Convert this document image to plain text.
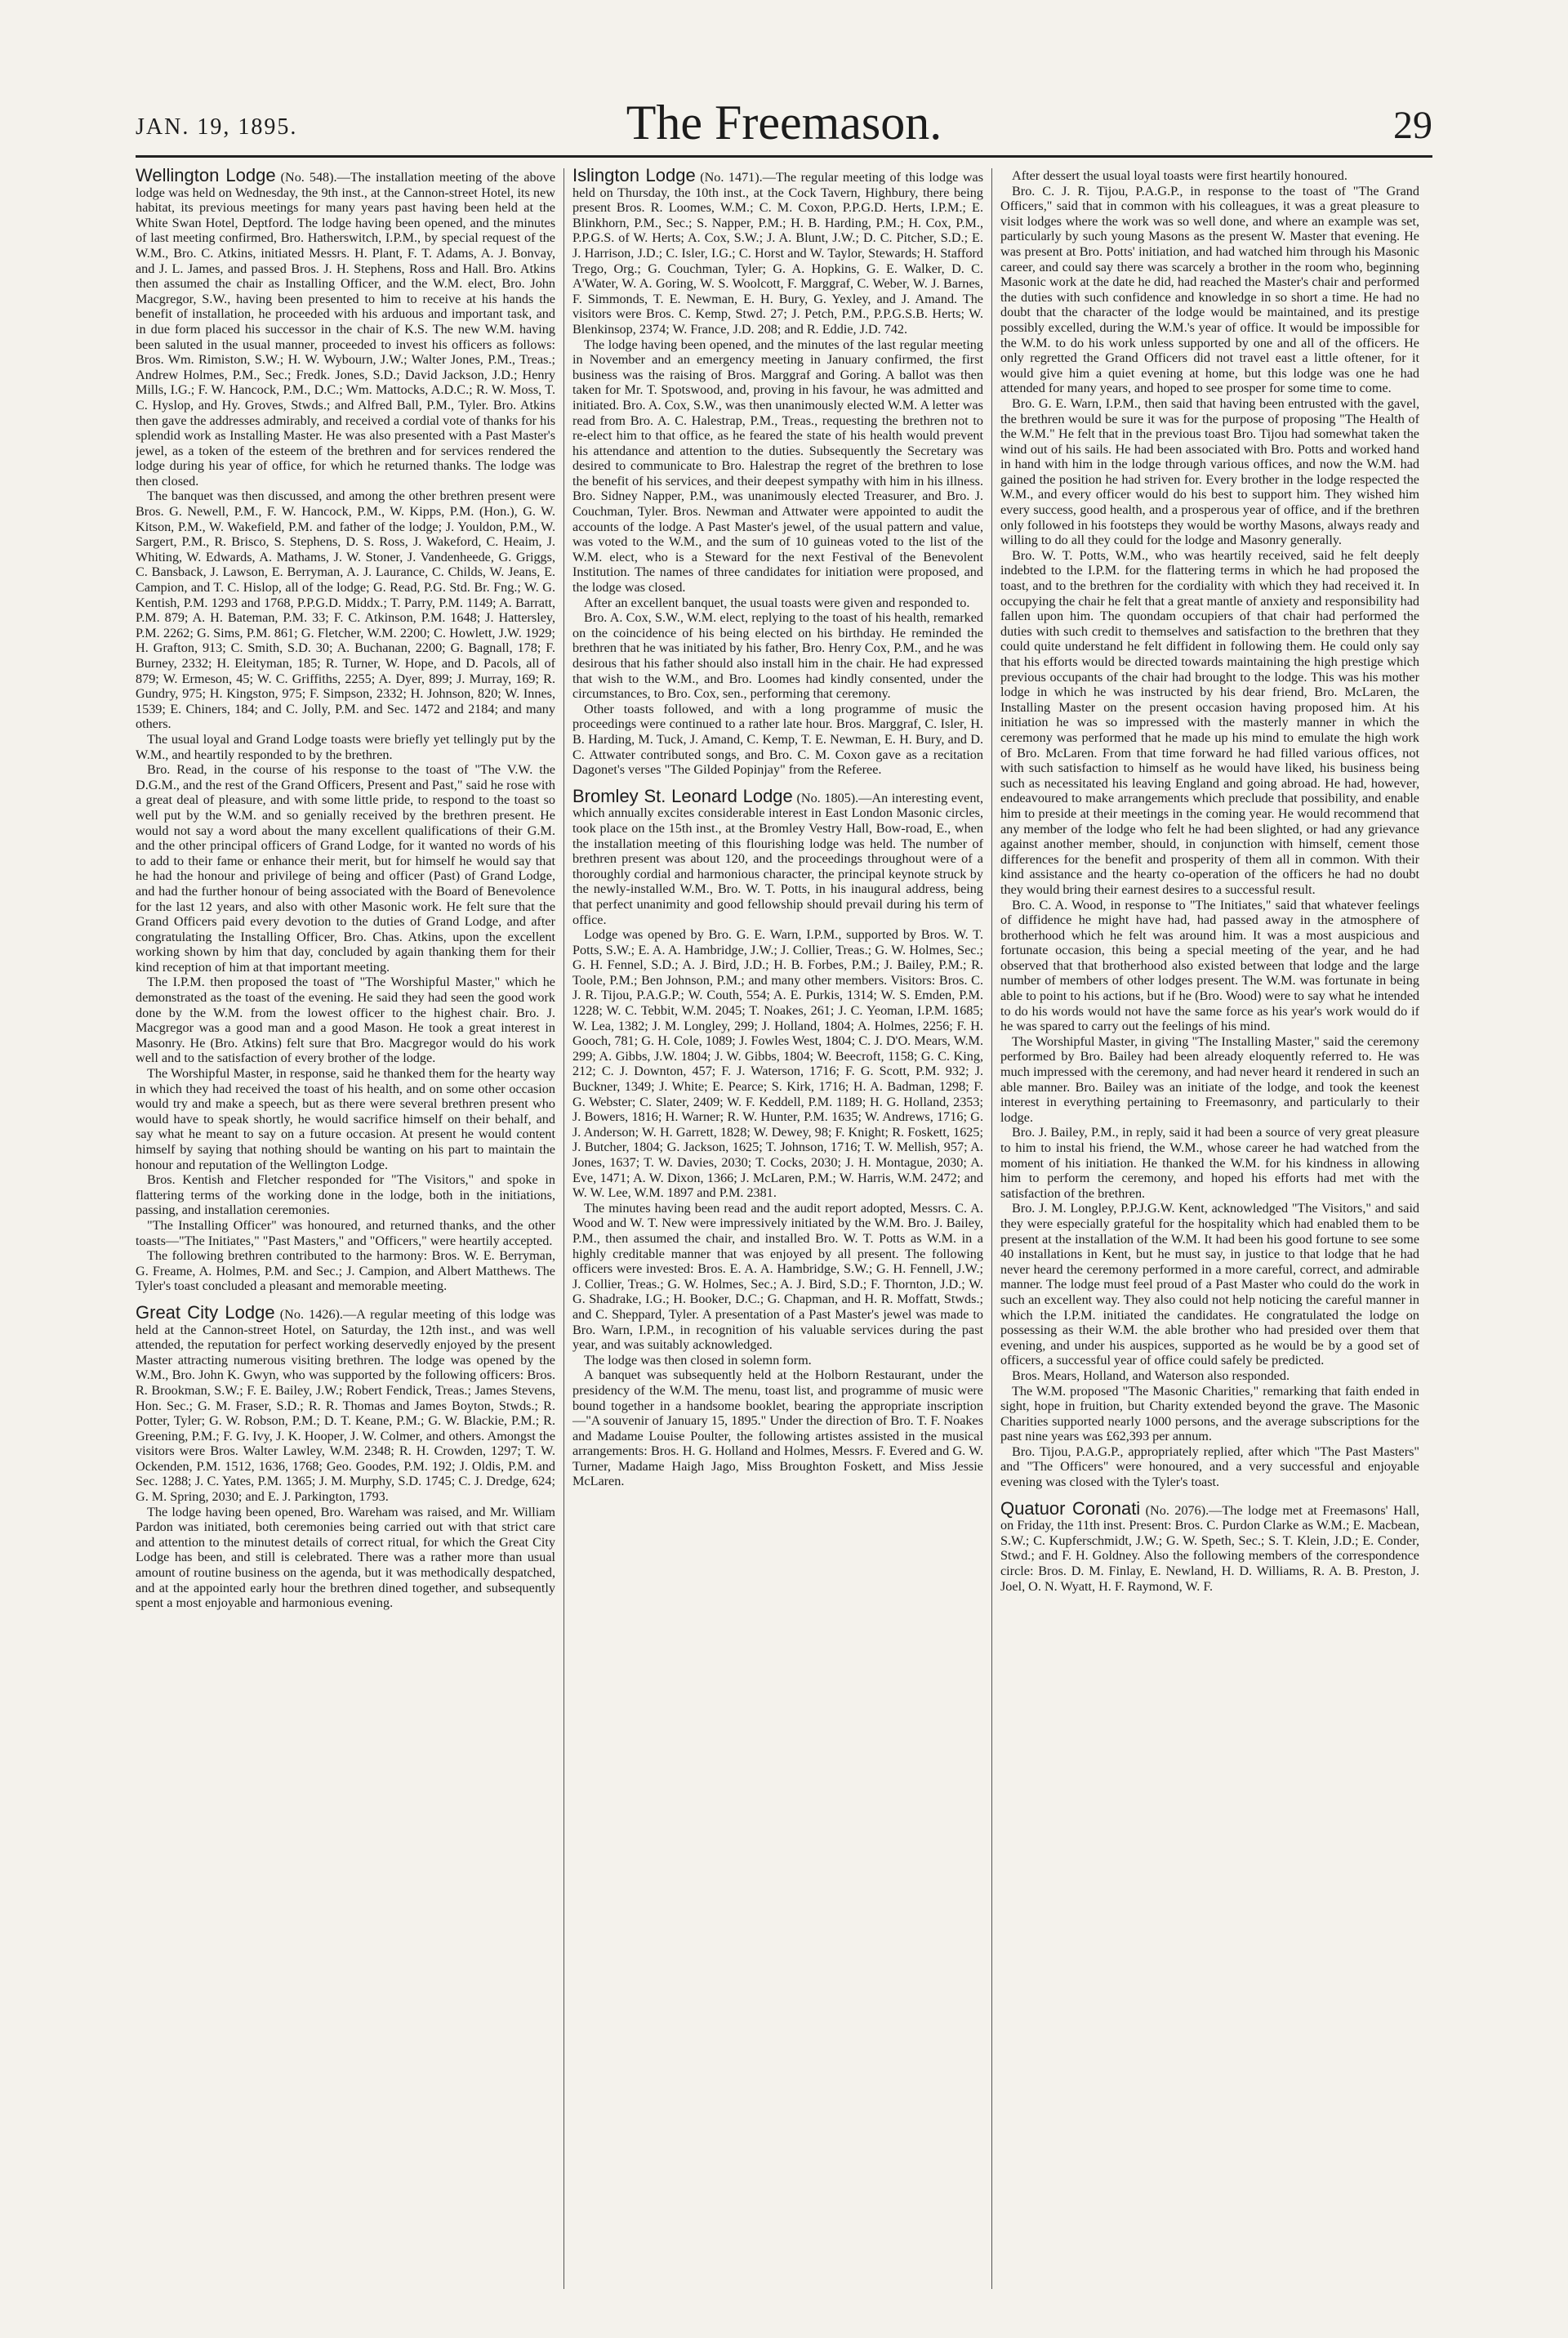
JAN. 19, 1895.	The Freemason.	29

Wellington Lodge (No. 548).—The installation meeting of the above lodge was held on Wednesday, the 9th inst., at the Cannon-street Hotel, its new habitat, its previous meetings for many years past having been held at the White Swan Hotel, Deptford. The lodge having been opened, and the minutes of last meeting confirmed, Bro. Hatherswitch, I.P.M., by special request of the W.M., Bro. C. Atkins, initiated Messrs. H. Plant, F. T. Adams, A. J. Bonvay, and J. L. James, and passed Bros. J. H. Stephens, Ross and Hall. Bro. Atkins then assumed the chair as Installing Officer, and the W.M. elect, Bro. John Macgregor, S.W., having been presented to him to receive at his hands the benefit of installation, he proceeded with his arduous and important task, and in due form placed his successor in the chair of K.S. The new W.M. having been saluted in the usual manner, proceeded to invest his officers as follows: Bros. Wm. Rimiston, S.W.; H. W. Wybourn, J.W.; Walter Jones, P.M., Treas.; Andrew Holmes, P.M., Sec.; Fredk. Jones, S.D.; David Jackson, J.D.; Henry Mills, I.G.; F. W. Hancock, P.M., D.C.; Wm. Mattocks, A.D.C.; R. W. Moss, T. C. Hyslop, and Hy. Groves, Stwds.; and Alfred Ball, P.M., Tyler. Bro. Atkins then gave the addresses admirably, and received a cordial vote of thanks for his splendid work as Installing Master. He was also presented with a Past Master's jewel, as a token of the esteem of the brethren and for services rendered the lodge during his year of office, for which he returned thanks. The lodge was then closed.

The banquet was then discussed, and among the other brethren present were Bros. G. Newell, P.M., F. W. Hancock, P.M., W. Kipps, P.M. (Hon.), G. W. Kitson, P.M., W. Wakefield, P.M. and father of the lodge; J. Youldon, P.M., W. Sargert, P.M., R. Brisco, S. Stephens, D. S. Ross, J. Wakeford, C. Heaim, J. Whiting, W. Edwards, A. Mathams, J. W. Stoner, J. Vandenheede, G. Griggs, C. Bansback, J. Lawson, E. Berryman, A. J. Laurance, C. Childs, W. Jeans, E. Campion, and T. C. Hislop, all of the lodge; G. Read, P.G. Std. Br. Fng.; W. G. Kentish, P.M. 1293 and 1768, P.P.G.D. Middx.; T. Parry, P.M. 1149; A. Barratt, P.M. 879; A. H. Bateman, P.M. 33; F. C. Atkinson, P.M. 1648; J. Hattersley, P.M. 2262; G. Sims, P.M. 861; G. Fletcher, W.M. 2200; C. Howlett, J.W. 1929; H. Grafton, 913; C. Smith, S.D. 30; A. Buchanan, 2200; G. Bagnall, 178; F. Burney, 2332; H. Eleityman, 185; R. Turner, W. Hope, and D. Pacols, all of 879; W. Ermeson, 45; W. C. Griffiths, 2255; A. Dyer, 899; J. Murray, 169; R. Gundry, 975; H. Kingston, 975; F. Simpson, 2332; H. Johnson, 820; W. Innes, 1539; E. Chiners, 184; and C. Jolly, P.M. and Sec. 1472 and 2184; and many others.

The usual loyal and Grand Lodge toasts were briefly yet tellingly put by the W.M., and heartily responded to by the brethren.

Bro. Read, in the course of his response to the toast of "The V.W. the D.G.M., and the rest of the Grand Officers, Present and Past," said he rose with a great deal of pleasure, and with some little pride, to respond to the toast so well put by the W.M. and so genially received by the brethren present. He would not say a word about the many excellent qualifications of their G.M. and the other principal officers of Grand Lodge, for it wanted no words of his to add to their fame or enhance their merit, but for himself he would say that he had the honour and privilege of being and officer (Past) of Grand Lodge, and had the further honour of being associated with the Board of Benevolence for the last 12 years, and also with other Masonic work. He felt sure that the Grand Officers paid every devotion to the duties of Grand Lodge, and after congratulating the Installing Officer, Bro. Chas. Atkins, upon the excellent working shown by him that day, concluded by again thanking them for their kind reception of him at that important meeting.

The I.P.M. then proposed the toast of "The Worshipful Master," which he demonstrated as the toast of the evening. He said they had seen the good work done by the W.M. from the lowest officer to the highest chair. Bro. J. Macgregor was a good man and a good Mason. He took a great interest in Masonry. He (Bro. Atkins) felt sure that Bro. Macgregor would do his work well and to the satisfaction of every brother of the lodge.

The Worshipful Master, in response, said he thanked them for the hearty way in which they had received the toast of his health, and on some other occasion would try and make a speech, but as there were several brethren present who would have to speak shortly, he would sacrifice himself on their behalf, and say what he meant to say on a future occasion. At present he would content himself by saying that nothing should be wanting on his part to maintain the honour and reputation of the Wellington Lodge.

Bros. Kentish and Fletcher responded for "The Visitors," and spoke in flattering terms of the working done in the lodge, both in the initiations, passing, and installation ceremonies.

"The Installing Officer" was honoured, and returned thanks, and the other toasts—"The Initiates," "Past Masters," and "Officers," were heartily accepted.

The following brethren contributed to the harmony: Bros. W. E. Berryman, G. Freame, A. Holmes, P.M. and Sec.; J. Campion, and Albert Matthews. The Tyler's toast concluded a pleasant and memorable meeting.

Great City Lodge (No. 1426).—A regular meeting of this lodge was held at the Cannon-street Hotel, on Saturday, the 12th inst., and was well attended, the reputation for perfect working deservedly enjoyed by the present Master attracting numerous visiting brethren. The lodge was opened by the W.M., Bro. John K. Gwyn, who was supported by the following officers: Bros. R. Brookman, S.W.; F. E. Bailey, J.W.; Robert Fendick, Treas.; James Stevens, Hon. Sec.; G. M. Fraser, S.D.; R. R. Thomas and James Boyton, Stwds.; R. Potter, Tyler; G. W. Robson, P.M.; D. T. Keane, P.M.; G. W. Blackie, P.M.; R. Greening, P.M.; F. G. Ivy, J. K. Hooper, J. W. Colmer, and others. Amongst the visitors were Bros. Walter Lawley, W.M. 2348; R. H. Crowden, 1297; T. W. Ockenden, P.M. 1512, 1636, 1768; Geo. Goodes, P.M. 192; J. Oldis, P.M. and Sec. 1288; J. C. Yates, P.M. 1365; J. M. Murphy, S.D. 1745; C. J. Dredge, 624; G. M. Spring, 2030; and E. J. Parkington, 1793.

The lodge having been opened, Bro. Wareham was raised, and Mr. William Pardon was initiated, both ceremonies being carried out with that strict care and attention to the minutest details of correct ritual, for which the Great City Lodge has been, and still is celebrated. There was a rather more than usual amount of routine business on the agenda, but it was methodically despatched, and at the appointed early hour the brethren dined together, and subsequently spent a most enjoyable and harmonious evening.

Islington Lodge (No. 1471).—The regular meeting of this lodge was held on Thursday, the 10th inst., at the Cock Tavern, Highbury, there being present Bros. R. Loomes, W.M.; C. M. Coxon, P.P.G.D. Herts, I.P.M.; E. Blinkhorn, P.M., Sec.; S. Napper, P.M.; H. B. Harding, P.M.; H. Cox, P.M., P.P.G.S. of W. Herts; A. Cox, S.W.; J. A. Blunt, J.W.; D. C. Pitcher, S.D.; E. J. Harrison, J.D.; C. Isler, I.G.; C. Horst and W. Taylor, Stewards; H. Stafford Trego, Org.; G. Couchman, Tyler; G. A. Hopkins, G. E. Walker, D. C. A'Water, W. A. Goring, W. S. Woolcott, F. Marggraf, C. Weber, W. J. Barnes, F. Simmonds, T. E. Newman, E. H. Bury, G. Yexley, and J. Amand. The visitors were Bros. C. Kemp, Stwd. 27; J. Petch, P.M., P.P.G.S.B. Herts; W. Blenkinsop, 2374; W. France, J.D. 208; and R. Eddie, J.D. 742.

The lodge having been opened, and the minutes of the last regular meeting in November and an emergency meeting in January confirmed, the first business was the raising of Bros. Marggraf and Goring. A ballot was then taken for Mr. T. Spotswood, and, proving in his favour, he was admitted and initiated. Bro. A. Cox, S.W., was then unanimously elected W.M. A letter was read from Bro. A. C. Halestrap, P.M., Treas., requesting the brethren not to re-elect him to that office, as he feared the state of his health would prevent his attendance and attention to the duties. Subsequently the Secretary was desired to communicate to Bro. Halestrap the regret of the brethren to lose the benefit of his services, and their deepest sympathy with him in his illness. Bro. Sidney Napper, P.M., was unanimously elected Treasurer, and Bro. J. Couchman, Tyler. Bros. Newman and Attwater were appointed to audit the accounts of the lodge. A Past Master's jewel, of the usual pattern and value, was voted to the W.M., and the sum of 10 guineas voted to the list of the W.M. elect, who is a Steward for the next Festival of the Benevolent Institution. The names of three candidates for initiation were proposed, and the lodge was closed.

After an excellent banquet, the usual toasts were given and responded to.

Bro. A. Cox, S.W., W.M. elect, replying to the toast of his health, remarked on the coincidence of his being elected on his birthday. He reminded the brethren that he was initiated by his father, Bro. Henry Cox, P.M., and he was desirous that his father should also install him in the chair. He had expressed that wish to the W.M., and Bro. Loomes had kindly consented, under the circumstances, to Bro. Cox, sen., performing that ceremony.

Other toasts followed, and with a long programme of music the proceedings were continued to a rather late hour. Bros. Marggraf, C. Isler, H. B. Harding, M. Tuck, J. Amand, C. Kemp, T. E. Newman, E. H. Bury, and D. C. Attwater contributed songs, and Bro. C. M. Coxon gave as a recitation Dagonet's verses "The Gilded Popinjay" from the Referee.

Bromley St. Leonard Lodge (No. 1805).—An interesting event, which annually excites considerable interest in East London Masonic circles, took place on the 15th inst., at the Bromley Vestry Hall, Bow-road, E., when the installation meeting of this flourishing lodge was held. The number of brethren present was about 120, and the proceedings throughout were of a thoroughly cordial and harmonious character, the principal keynote struck by the newly-installed W.M., Bro. W. T. Potts, in his inaugural address, being that perfect unanimity and good fellowship should prevail during his term of office.

Lodge was opened by Bro. G. E. Warn, I.P.M., supported by Bros. W. T. Potts, S.W.; E. A. A. Hambridge, J.W.; J. Collier, Treas.; G. W. Holmes, Sec.; G. H. Fennel, S.D.; A. J. Bird, J.D.; H. B. Forbes, P.M.; J. Bailey, P.M.; R. Toole, P.M.; Ben Johnson, P.M.; and many other members. Visitors: Bros. C. J. R. Tijou, P.A.G.P.; W. Couth, 554; A. E. Purkis, 1314; W. S. Emden, P.M. 1228; W. C. Tebbit, W.M. 2045; T. Noakes, 261; J. C. Yeoman, I.P.M. 1685; W. Lea, 1382; J. M. Longley, 299; J. Holland, 1804; A. Holmes, 2256; F. H. Gooch, 781; G. H. Cole, 1089; J. Fowles West, 1804; C. J. D'O. Mears, W.M. 299; A. Gibbs, J.W. 1804; J. W. Gibbs, 1804; W. Beecroft, 1158; G. C. King, 212; C. J. Downton, 457; F. J. Waterson, 1716; F. G. Scott, P.M. 932; J. Buckner, 1349; J. White; E. Pearce; S. Kirk, 1716; H. A. Badman, 1298; F. G. Webster; C. Slater, 2409; W. F. Keddell, P.M. 1189; H. G. Holland, 2353; J. Bowers, 1816; H. Warner; R. W. Hunter, P.M. 1635; W. Andrews, 1716; G. J. Anderson; W. H. Garrett, 1828; W. Dewey, 98; F. Knight; R. Foskett, 1625; J. Butcher, 1804; G. Jackson, 1625; T. Johnson, 1716; T. W. Mellish, 957; A. Jones, 1637; T. W. Davies, 2030; T. Cocks, 2030; J. H. Montague, 2030; A. Eve, 1471; A. W. Dixon, 1366; J. McLaren, P.M.; W. Harris, W.M. 2472; and W. W. Lee, W.M. 1897 and P.M. 2381.

The minutes having been read and the audit report adopted, Messrs. C. A. Wood and W. T. New were impressively initiated by the W.M. Bro. J. Bailey, P.M., then assumed the chair, and installed Bro. W. T. Potts as W.M. in a highly creditable manner that was enjoyed by all present. The following officers were invested: Bros. E. A. A. Hambridge, S.W.; G. H. Fennell, J.W.; J. Collier, Treas.; G. W. Holmes, Sec.; A. J. Bird, S.D.; F. Thornton, J.D.; W. G. Shadrake, I.G.; H. Booker, D.C.; G. Chapman, and H. R. Moffatt, Stwds.; and C. Sheppard, Tyler. A presentation of a Past Master's jewel was made to Bro. Warn, I.P.M., in recognition of his valuable services during the past year, and was suitably acknowledged.

The lodge was then closed in solemn form.

A banquet was subsequently held at the Holborn Restaurant, under the presidency of the W.M. The menu, toast list, and programme of music were bound together in a handsome booklet, bearing the appropriate inscription—"A souvenir of January 15, 1895." Under the direction of Bro. T. F. Noakes and Madame Louise Poulter, the following artistes assisted in the musical arrangements: Bros. H. G. Holland and Holmes, Messrs. F. Evered and G. W. Turner, Madame Haigh Jago, Miss Broughton Foskett, and Miss Jessie McLaren.

After dessert the usual loyal toasts were first heartily honoured.

Bro. C. J. R. Tijou, P.A.G.P., in response to the toast of "The Grand Officers," said that in common with his colleagues, it was a great pleasure to visit lodges where the work was so well done, and where an example was set, particularly by such young Masons as the present W. Master that evening. He was present at Bro. Potts' initiation, and had watched him through his Masonic career, and could say there was scarcely a brother in the room who, beginning Masonic work at the date he did, had reached the Master's chair and performed the duties with such confidence and knowledge in so short a time. He had no doubt that the character of the lodge would be maintained, and its prestige possibly excelled, during the W.M.'s year of office. It would be impossible for the W.M. to do his work unless supported by one and all of the officers. He only regretted the Grand Officers did not travel east a little oftener, for it would give him a quiet evening at home, but this lodge was one he had attended for many years, and hoped to see prosper for some time to come.

Bro. G. E. Warn, I.P.M., then said that having been entrusted with the gavel, the brethren would be sure it was for the purpose of proposing "The Health of the W.M." He felt that in the previous toast Bro. Tijou had somewhat taken the wind out of his sails. He had been associated with Bro. Potts and worked hand in hand with him in the lodge through various offices, and now the W.M. had gained the position he had striven for. Every brother in the lodge respected the W.M., and every officer would do his best to support him. They wished him every success, good health, and a prosperous year of office, and if the brethren only followed in his footsteps they would be worthy Masons, always ready and willing to do all they could for the lodge and Masonry generally.

Bro. W. T. Potts, W.M., who was heartily received, said he felt deeply indebted to the I.P.M. for the flattering terms in which he had proposed the toast, and to the brethren for the cordiality with which they had received it. In occupying the chair he felt that a great mantle of anxiety and responsibility had fallen upon him. The quondam occupiers of that chair had performed the duties with such credit to themselves and satisfaction to the brethren that they could quite understand he felt diffident in following them. He could only say that his efforts would be directed towards maintaining the high prestige which previous occupants of the chair had brought to the lodge. This was his mother lodge in which he was instructed by his dear friend, Bro. McLaren, the Installing Master on the present occasion having proposed him. At his initiation he was so impressed with the masterly manner in which the ceremony was performed that he made up his mind to emulate the high work of Bro. McLaren. From that time forward he had filled various offices, not with such satisfaction to himself as he would have liked, his business being such as necessitated his leaving England and going abroad. He had, however, endeavoured to make arrangements which preclude that possibility, and enable him to preside at their meetings in the coming year. He would recommend that any member of the lodge who felt he had been slighted, or had any grievance against another member, should, in conjunction with himself, cement those differences for the benefit and prosperity of them all in common. With their kind assistance and the hearty co-operation of the officers he had no doubt they would bring their earnest desires to a successful result.

Bro. C. A. Wood, in response to "The Initiates," said that whatever feelings of diffidence he might have had, had passed away in the atmosphere of brotherhood which he felt was around him. It was a most auspicious and fortunate occasion, this being a special meeting of the year, and he had observed that that brotherhood also existed between that lodge and the large number of members of other lodges present. The W.M. was fortunate in being able to point to his actions, but if he (Bro. Wood) were to say what he intended to do his words would not have the same force as his year's work would do if he was spared to carry out the feelings of his mind.

The Worshipful Master, in giving "The Installing Master," said the ceremony performed by Bro. Bailey had been already eloquently referred to. He was much impressed with the ceremony, and had never heard it rendered in such an able manner. Bro. Bailey was an initiate of the lodge, and took the keenest interest in everything pertaining to Freemasonry, and particularly to their lodge.

Bro. J. Bailey, P.M., in reply, said it had been a source of very great pleasure to him to instal his friend, the W.M., whose career he had watched from the moment of his initiation. He thanked the W.M. for his kindness in allowing him to perform the ceremony, and hoped his efforts had met with the satisfaction of the brethren.

Bro. J. M. Longley, P.P.J.G.W. Kent, acknowledged "The Visitors," and said they were especially grateful for the hospitality which had enabled them to be present at the installation of the W.M. It had been his good fortune to see some 40 installations in Kent, but he must say, in justice to that lodge that he had never heard the ceremony performed in a more careful, correct, and admirable manner. The lodge must feel proud of a Past Master who could do the work in such an excellent way. They also could not help noticing the careful manner in which the I.P.M. initiated the candidates. He congratulated the lodge on possessing as their W.M. the able brother who had presided over them that evening, and under his auspices, supported as he would be by a good set of officers, a successful year of office could safely be predicted.

Bros. Mears, Holland, and Waterson also responded.

The W.M. proposed "The Masonic Charities," remarking that faith ended in sight, hope in fruition, but Charity extended beyond the grave. The Masonic Charities supported nearly 1000 persons, and the average subscriptions for the past nine years was £62,393 per annum.

Bro. Tijou, P.A.G.P., appropriately replied, after which "The Past Masters" and "The Officers" were honoured, and a very successful and enjoyable evening was closed with the Tyler's toast.

Quatuor Coronati (No. 2076).—The lodge met at Freemasons' Hall, on Friday, the 11th inst. Present: Bros. C. Purdon Clarke as W.M.; E. Macbean, S.W.; C. Kupferschmidt, J.W.; G. W. Speth, Sec.; S. T. Klein, J.D.; E. Conder, Stwd.; and F. H. Goldney. Also the following members of the correspondence circle: Bros. D. M. Finlay, E. Newland, H. D. Williams, R. A. B. Preston, J. Joel, O. N. Wyatt, H. F. Raymond, W. F.
